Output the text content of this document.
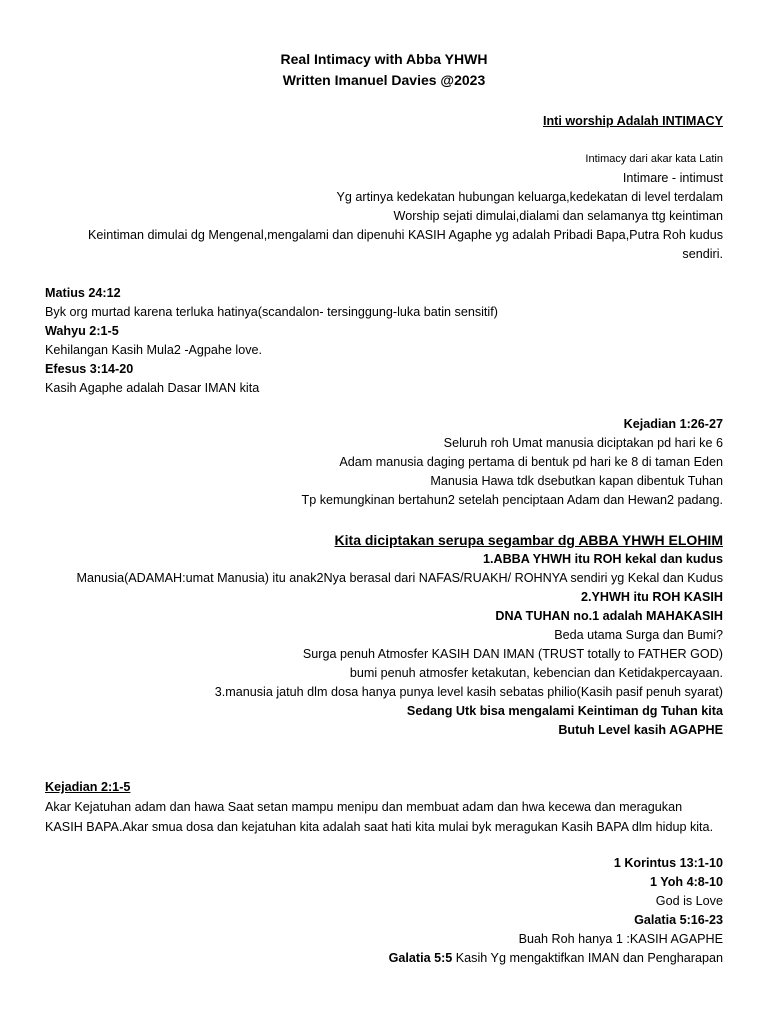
Real Intimacy with Abba YHWH
Written Imanuel Davies @2023
Inti worship Adalah INTIMACY
Intimacy dari akar kata Latin
Intimare - intimust
Yg artinya kedekatan hubungan keluarga,kedekatan di level terdalam
Worship sejati dimulai,dialami dan selamanya ttg keintiman
Keintiman dimulai dg Mengenal,mengalami dan dipenuhi KASIH Agaphe yg adalah Pribadi Bapa,Putra Roh kudus sendiri.
Matius 24:12
Byk org murtad karena terluka hatinya(scandalon- tersinggung-luka batin sensitif)
Wahyu 2:1-5
Kehilangan Kasih Mula2 -Agpahe love.
Efesus 3:14-20
Kasih Agaphe adalah Dasar IMAN kita
Kejadian 1:26-27
Seluruh roh Umat manusia diciptakan pd hari ke 6
Adam manusia daging pertama di bentuk pd hari ke 8 di taman Eden
Manusia Hawa tdk dsebutkan kapan dibentuk Tuhan
Tp kemungkinan bertahun2 setelah penciptaan Adam dan Hewan2 padang.
Kita diciptakan serupa segambar dg ABBA YHWH ELOHIM
1.ABBA YHWH itu ROH kekal dan kudus
Manusia(ADAMAH:umat Manusia) itu anak2Nya berasal dari NAFAS/RUAKH/ ROHNYA sendiri yg Kekal dan Kudus
2.YHWH itu ROH KASIH
DNA TUHAN no.1 adalah MAHAKASIH
Beda utama Surga dan Bumi?
Surga penuh Atmosfer KASIH DAN IMAN (TRUST totally to FATHER GOD)
bumi penuh atmosfer ketakutan, kebencian dan Ketidakpercayaan.
3.manusia jatuh dlm dosa hanya punya level kasih sebatas philio(Kasih pasif penuh syarat)
Sedang Utk bisa mengalami Keintiman dg Tuhan kita
Butuh Level kasih AGAPHE
Kejadian 2:1-5
Akar Kejatuhan adam dan hawa Saat setan mampu menipu dan membuat adam dan hwa kecewa dan meragukan KASIH BAPA.Akar smua dosa dan kejatuhan kita adalah saat hati kita mulai byk meragukan Kasih BAPA dlm hidup kita.
1 Korintus 13:1-10
1 Yoh 4:8-10
God is Love
Galatia 5:16-23
Buah Roh hanya 1 :KASIH AGAPHE
Galatia 5:5 Kasih Yg mengaktifkan IMAN dan Pengharapan
